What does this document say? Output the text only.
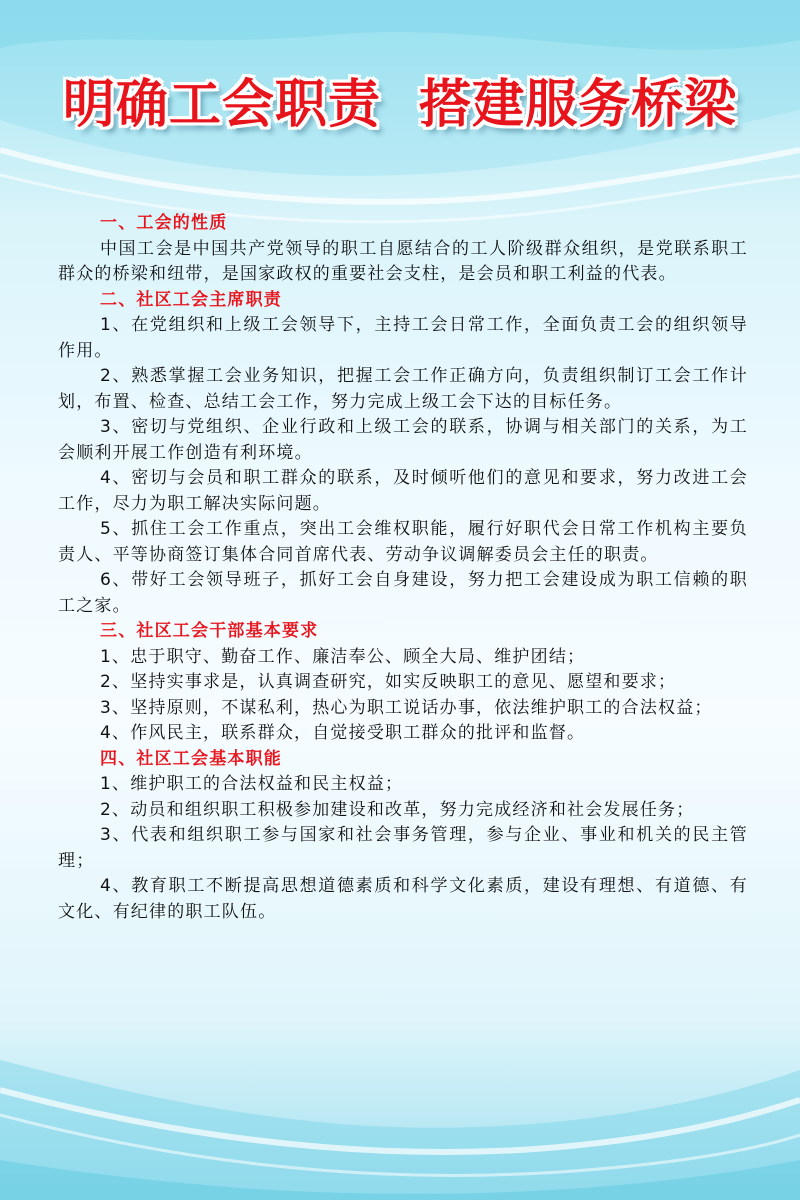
明确工会职责  搭建服务桥梁

一、工会的性质

中国工会是中国共产党领导的职工自愿结合的工人阶级群众组织，是党联系职工群众的桥梁和纽带，是国家政权的重要社会支柱，是会员和职工利益的代表。

二、社区工会主席职责

1、在党组织和上级工会领导下，主持工会日常工作，全面负责工会的组织领导作用。

2、熟悉掌握工会业务知识，把握工会工作正确方向，负责组织制订工会工作计划，布置、检查、总结工会工作，努力完成上级工会下达的目标任务。

3、密切与党组织、企业行政和上级工会的联系，协调与相关部门的关系，为工会顺利开展工作创造有利环境。

4、密切与会员和职工群众的联系，及时倾听他们的意见和要求，努力改进工会工作，尽力为职工解决实际问题。

5、抓住工会工作重点，突出工会维权职能，履行好职代会日常工作机构主要负责人、平等协商签订集体合同首席代表、劳动争议调解委员会主任的职责。

6、带好工会领导班子，抓好工会自身建设，努力把工会建设成为职工信赖的职工之家。

三、社区工会干部基本要求

1、忠于职守、勤奋工作、廉洁奉公、顾全大局、维护团结；

2、坚持实事求是，认真调查研究，如实反映职工的意见、愿望和要求；

3、坚持原则，不谋私利，热心为职工说话办事，依法维护职工的合法权益；

4、作风民主，联系群众，自觉接受职工群众的批评和监督。

四、社区工会基本职能

1、维护职工的合法权益和民主权益；

2、动员和组织职工积极参加建设和改革，努力完成经济和社会发展任务；

3、代表和组织职工参与国家和社会事务管理，参与企业、事业和机关的民主管理；

4、教育职工不断提高思想道德素质和科学文化素质，建设有理想、有道德、有文化、有纪律的职工队伍。
